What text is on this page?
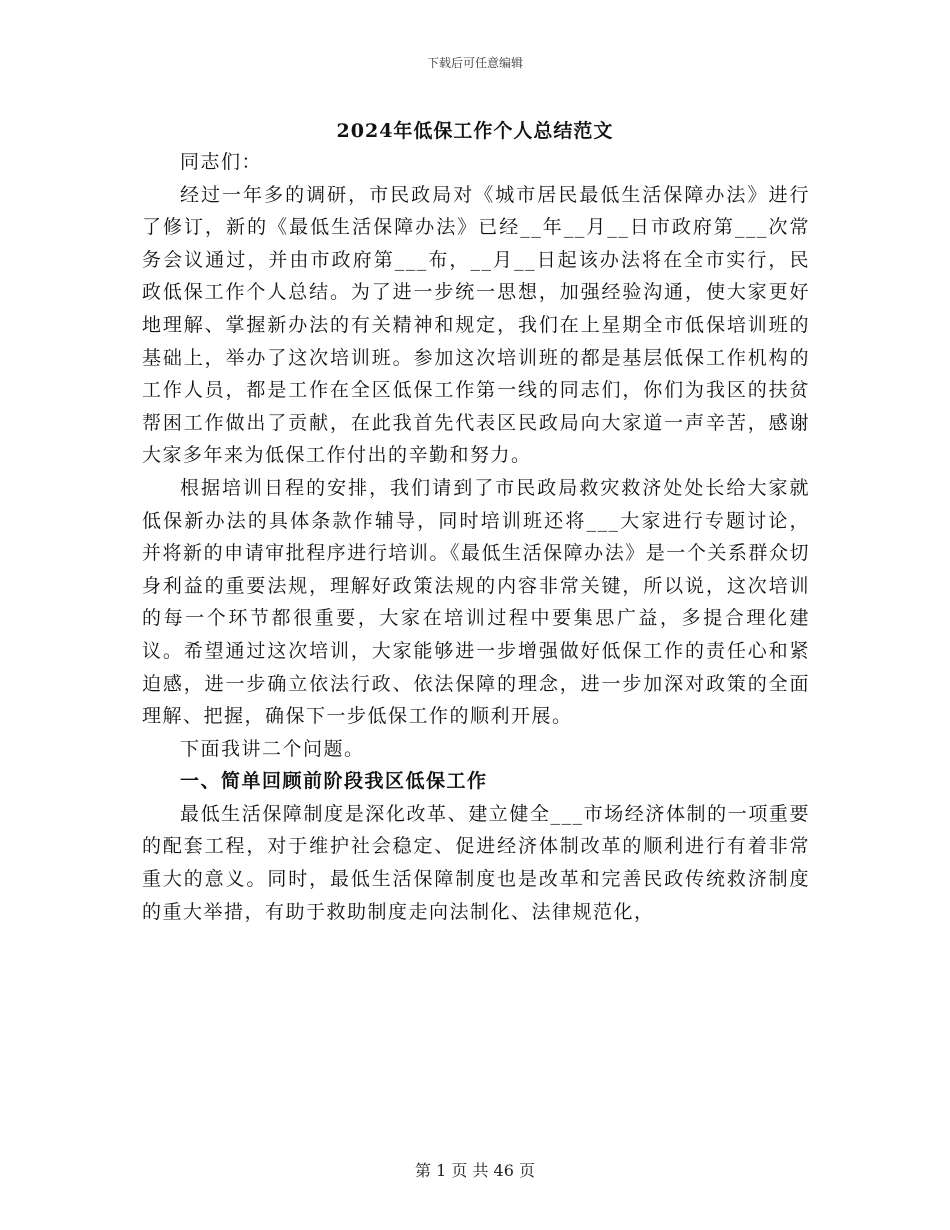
下载后可任意编辑
2024年低保工作个人总结范文

同志们：

经过一年多的调研，市民政局对《城市居民最低生活保障办法》进行了修订，新的《最低生活保障办法》已经__年__月__日市政府第___次常务会议通过，并由市政府第___布，__月__日起该办法将在全市实行，民政低保工作个人总结。为了进一步统一思想，加强经验沟通，使大家更好地理解、掌握新办法的有关精神和规定，我们在上星期全市低保培训班的基础上，举办了这次培训班。参加这次培训班的都是基层低保工作机构的工作人员，都是工作在全区低保工作第一线的同志们，你们为我区的扶贫帮困工作做出了贡献，在此我首先代表区民政局向大家道一声辛苦，感谢大家多年来为低保工作付出的辛勤和努力。

根据培训日程的安排，我们请到了市民政局救灾救济处处长给大家就低保新办法的具体条款作辅导，同时培训班还将___大家进行专题讨论，并将新的申请审批程序进行培训。《最低生活保障办法》是一个关系群众切身利益的重要法规，理解好政策法规的内容非常关键，所以说，这次培训的每一个环节都很重要，大家在培训过程中要集思广益，多提合理化建议。希望通过这次培训，大家能够进一步增强做好低保工作的责任心和紧迫感，进一步确立依法行政、依法保障的理念，进一步加深对政策的全面理解、把握，确保下一步低保工作的顺利开展。

下面我讲二个问题。

一、简单回顾前阶段我区低保工作

最低生活保障制度是深化改革、建立健全___市场经济体制的一项重要的配套工程，对于维护社会稳定、促进经济体制改革的顺利进行有着非常重大的意义。同时，最低生活保障制度也是改革和完善民政传统救济制度的重大举措，有助于救助制度走向法制化、法律规范化，

第 1 页 共 46 页
